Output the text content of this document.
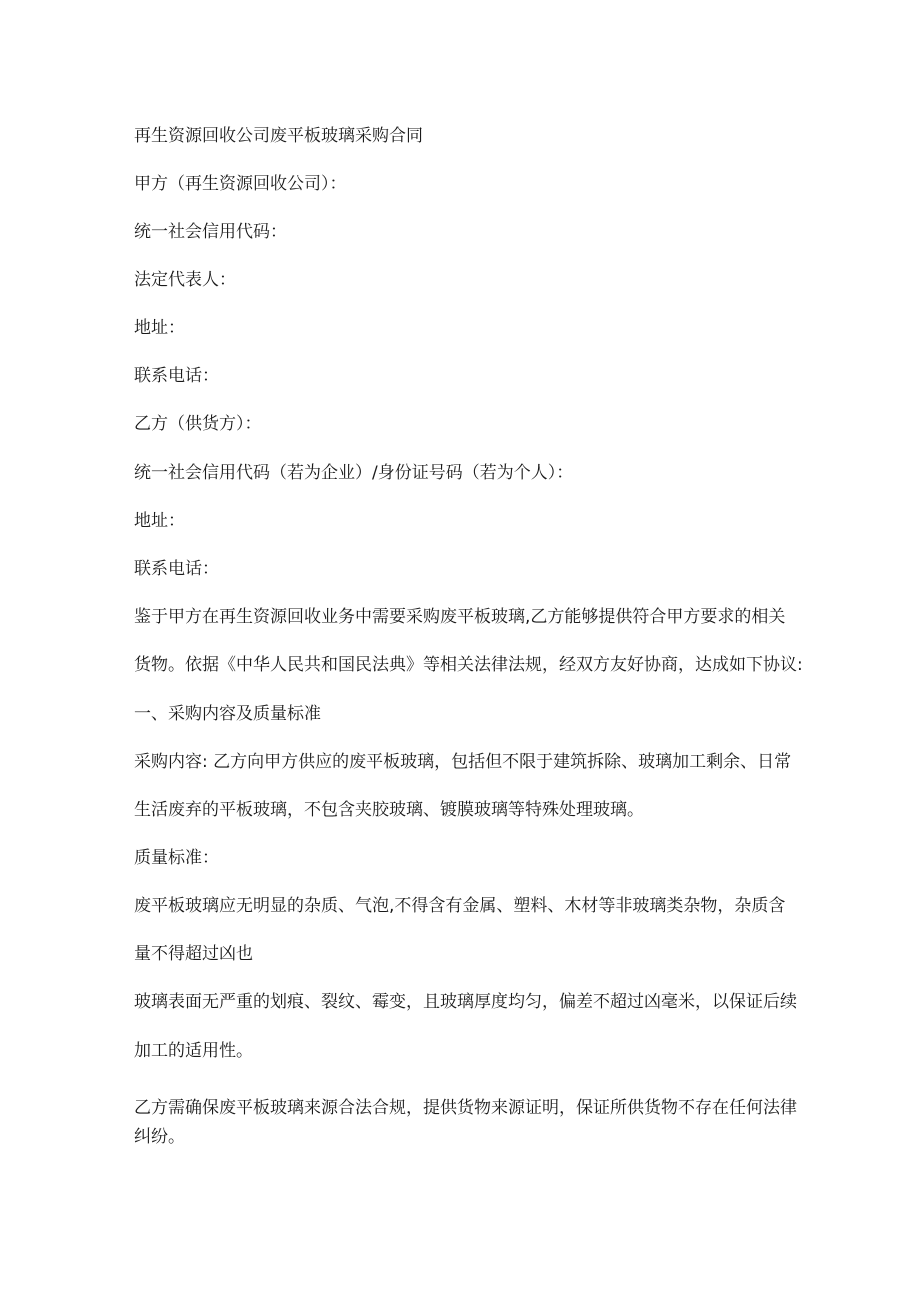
再生资源回收公司废平板玻璃采购合同

甲方（再生资源回收公司）：

统一社会信用代码：

法定代表人：

地址：

联系电话：

乙方（供货方）：

统一社会信用代码（若为企业）/身份证号码（若为个人）：

地址：

联系电话：

鉴于甲方在再生资源回收业务中需要采购废平板玻璃,乙方能够提供符合甲方要求的相关

货物。依据《中华人民共和国民法典》等相关法律法规，经双方友好协商，达成如下协议:

一、采购内容及质量标准

采购内容: 乙方向甲方供应的废平板玻璃，包括但不限于建筑拆除、玻璃加工剩余、日常

生活废弃的平板玻璃，不包含夹胶玻璃、镀膜玻璃等特殊处理玻璃。

质量标准：

废平板玻璃应无明显的杂质、气泡,不得含有金属、塑料、木材等非玻璃类杂物，杂质含

量不得超过凶也

玻璃表面无严重的划痕、裂纹、霉变，且玻璃厚度均匀，偏差不超过凶毫米，以保证后续

加工的适用性。

乙方需确保废平板玻璃来源合法合规，提供货物来源证明，保证所供货物不存在任何法律

纠纷。
